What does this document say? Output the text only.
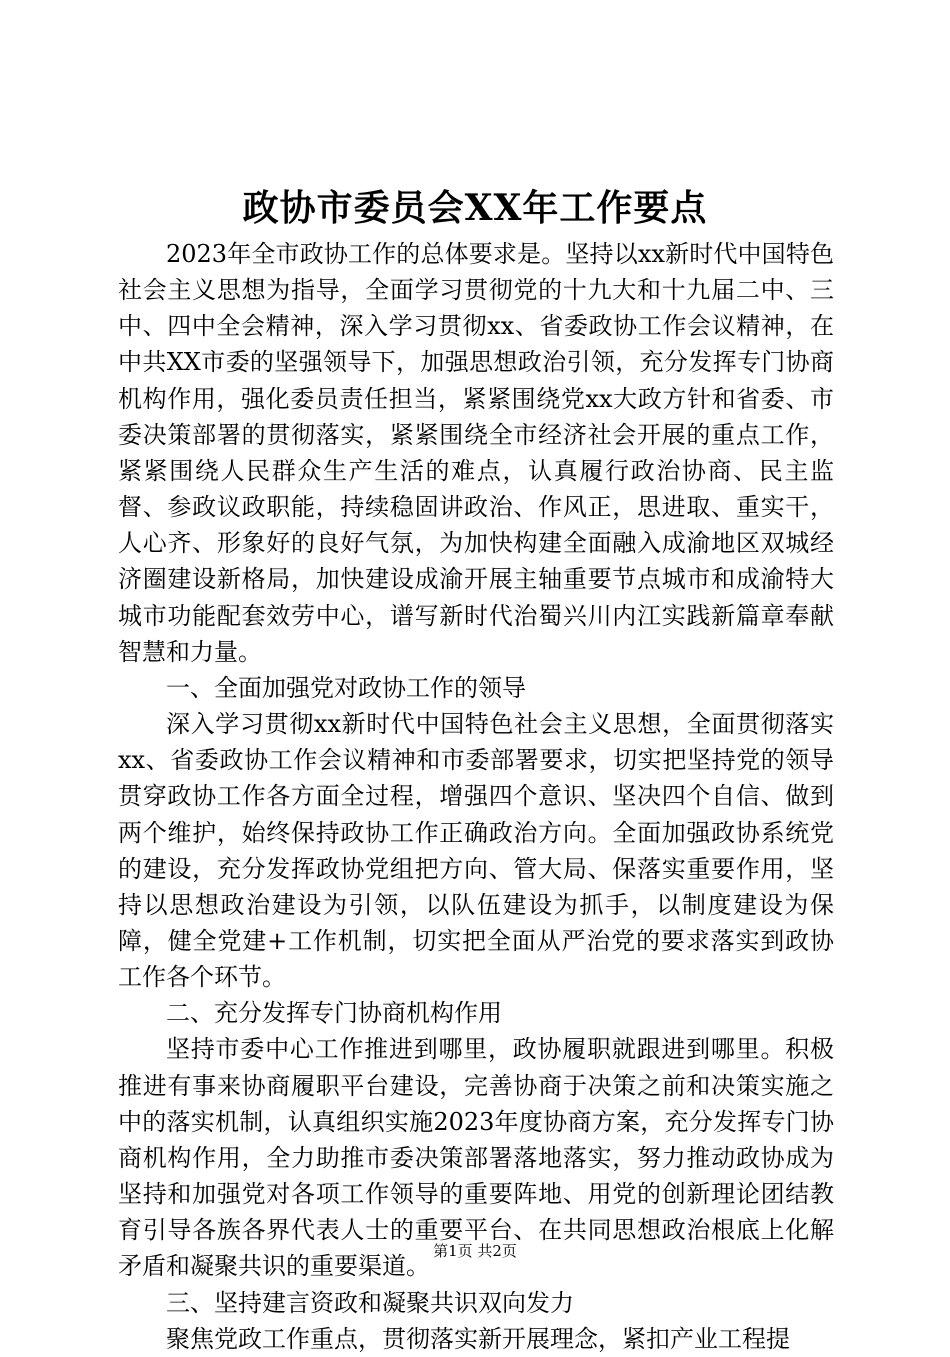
政协市委员会XX年工作要点

2023年全市政协工作的总体要求是。坚持以xx新时代中国特色社会主义思想为指导，全面学习贯彻党的十九大和十九届二中、三中、四中全会精神，深入学习贯彻xx、省委政协工作会议精神，在中共XX市委的坚强领导下，加强思想政治引领，充分发挥专门协商机构作用，强化委员责任担当，紧紧围绕党xx大政方针和省委、市委决策部署的贯彻落实，紧紧围绕全市经济社会开展的重点工作，紧紧围绕人民群众生产生活的难点，认真履行政治协商、民主监督、参政议政职能，持续稳固讲政治、作风正，思进取、重实干，人心齐、形象好的良好气氛，为加快构建全面融入成渝地区双城经济圈建设新格局，加快建设成渝开展主轴重要节点城市和成渝特大城市功能配套效劳中心，谱写新时代治蜀兴川内江实践新篇章奉献智慧和力量。

一、全面加强党对政协工作的领导

深入学习贯彻xx新时代中国特色社会主义思想，全面贯彻落实xx、省委政协工作会议精神和市委部署要求，切实把坚持党的领导贯穿政协工作各方面全过程，增强四个意识、坚决四个自信、做到两个维护，始终保持政协工作正确政治方向。全面加强政协系统党的建设，充分发挥政协党组把方向、管大局、保落实重要作用，坚持以思想政治建设为引领，以队伍建设为抓手，以制度建设为保障，健全党建+工作机制，切实把全面从严治党的要求落实到政协工作各个环节。

二、充分发挥专门协商机构作用

坚持市委中心工作推进到哪里，政协履职就跟进到哪里。积极推进有事来协商履职平台建设，完善协商于决策之前和决策实施之中的落实机制，认真组织实施2023年度协商方案，充分发挥专门协商机构作用，全力助推市委决策部署落地落实，努力推动政协成为坚持和加强党对各项工作领导的重要阵地、用党的创新理论团结教育引导各族各界代表人士的重要平台、在共同思想政治根底上化解矛盾和凝聚共识的重要渠道。

三、坚持建言资政和凝聚共识双向发力

聚焦党政工作重点，贯彻落实新开展理念，紧扣产业工程提

第1页 共2页
